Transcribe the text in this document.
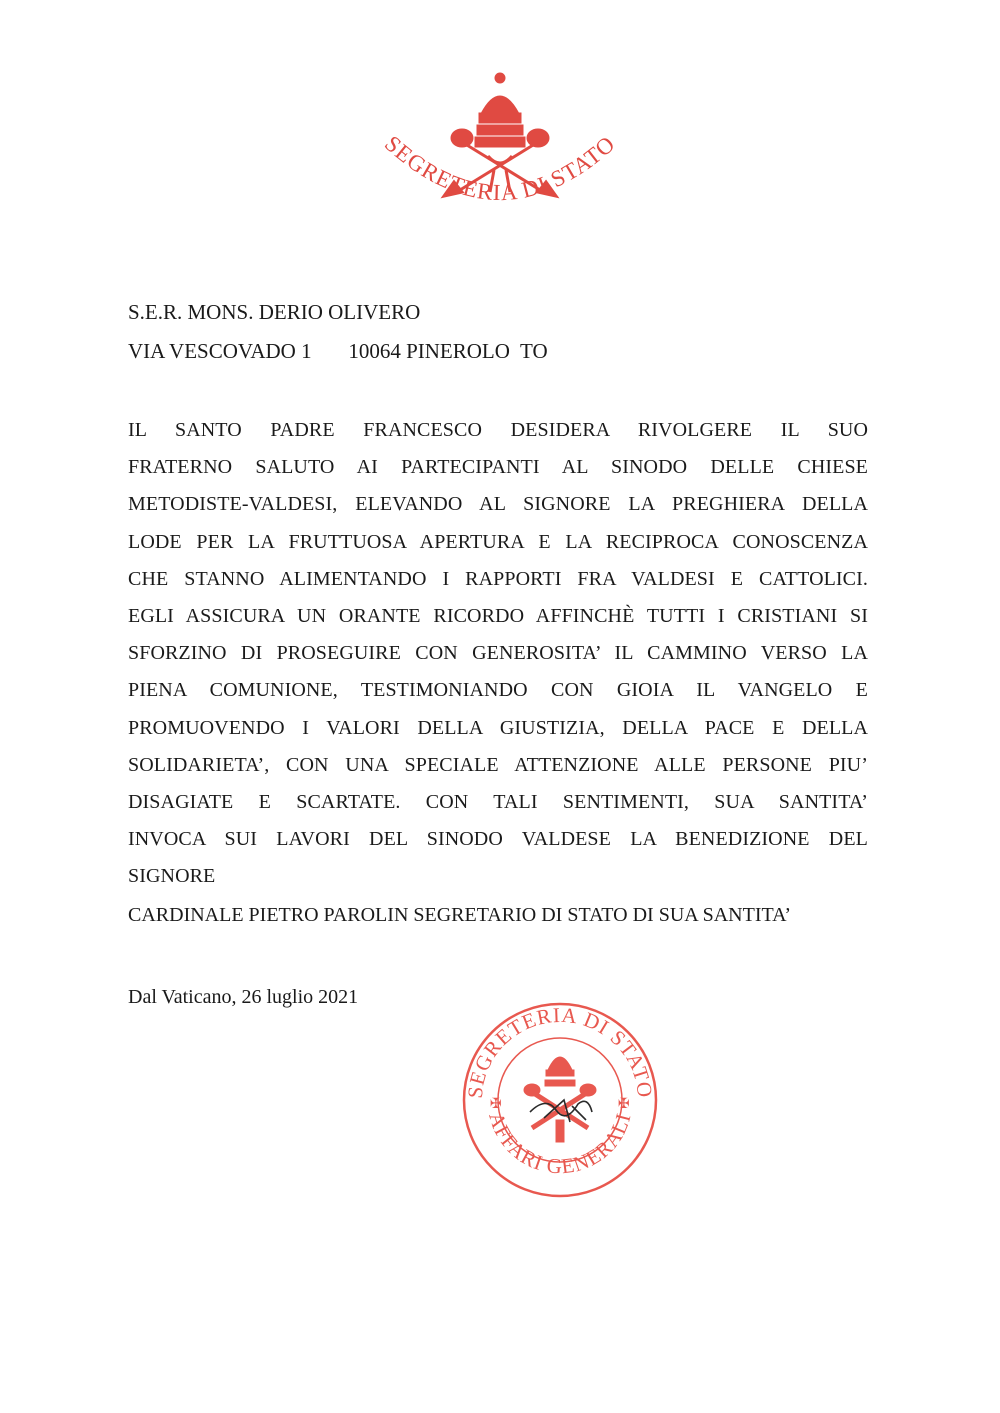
SEGRETERIA DI STATO
S.E.R. MONS. DERIO OLIVERO
VIA VESCOVADO 1       10064 PINEROLO  TO
IL SANTO PADRE FRANCESCO DESIDERA RIVOLGERE IL SUO
FRATERNO SALUTO AI PARTECIPANTI AL SINODO DELLE CHIESE
METODISTE-VALDESI, ELEVANDO AL SIGNORE LA PREGHIERA DELLA
LODE PER LA FRUTTUOSA APERTURA E LA RECIPROCA CONOSCENZA
CHE STANNO ALIMENTANDO I RAPPORTI FRA VALDESI E CATTOLICI.
EGLI ASSICURA UN ORANTE RICORDO AFFINCHÈ TUTTI I CRISTIANI SI
SFORZINO DI PROSEGUIRE CON GENEROSITA’ IL CAMMINO VERSO LA
PIENA COMUNIONE, TESTIMONIANDO CON GIOIA IL VANGELO E
PROMUOVENDO I VALORI DELLA GIUSTIZIA, DELLA PACE E DELLA
SOLIDARIETA’, CON UNA SPECIALE ATTENZIONE ALLE PERSONE PIU’
DISAGIATE E SCARTATE. CON TALI SENTIMENTI, SUA SANTITA’
INVOCA SUI LAVORI DEL SINODO VALDESE LA BENEDIZIONE DEL
SIGNORE
CARDINALE PIETRO PAROLIN SEGRETARIO DI STATO DI SUA SANTITA’
Dal Vaticano, 26 luglio 2021
SEGRETERIA DI STATO
AFFARI GENERALI
✠	✠
